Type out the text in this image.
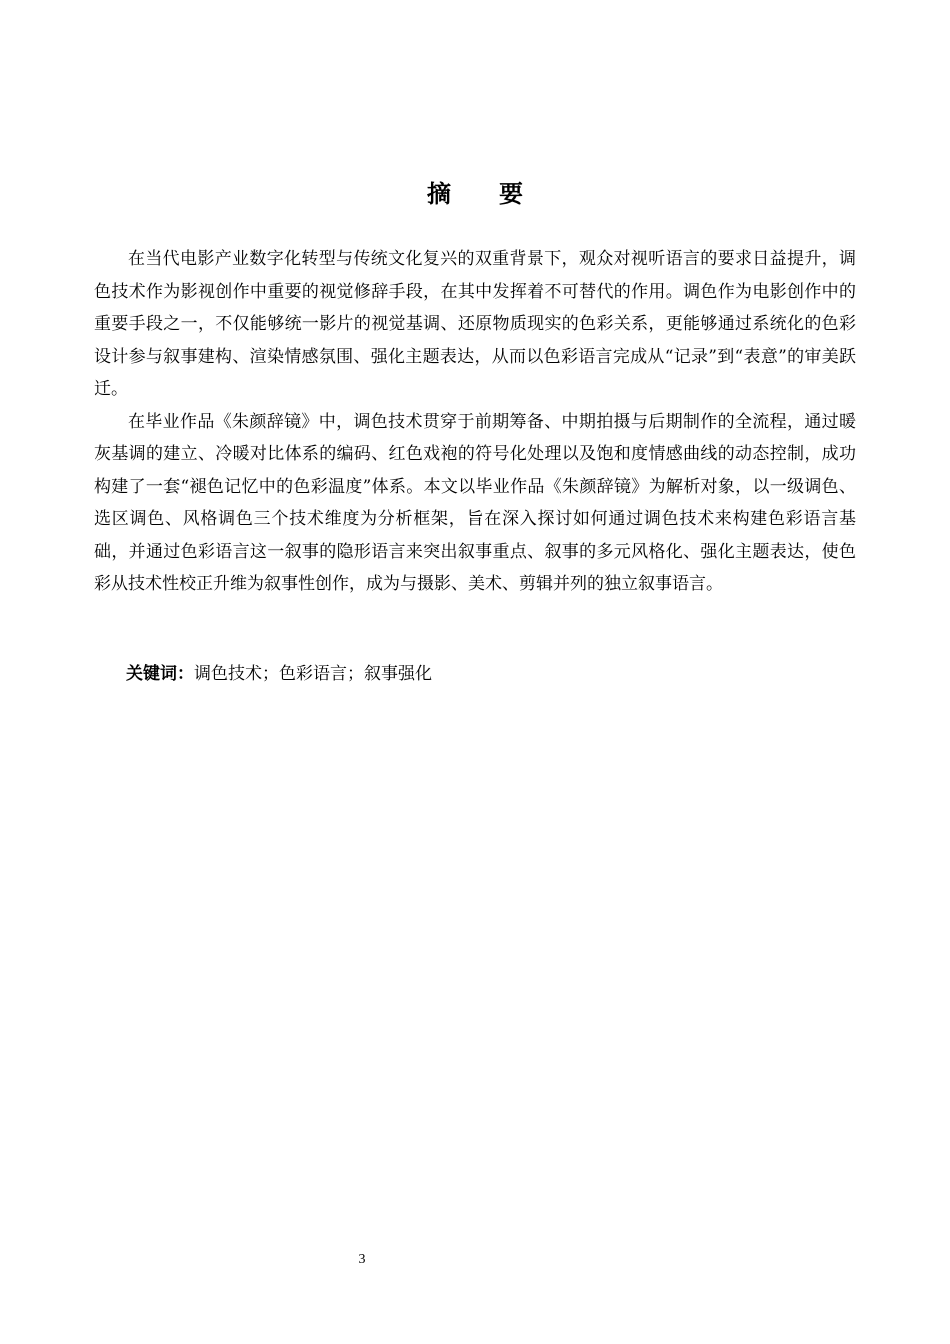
摘 要

在当代电影产业数字化转型与传统文化复兴的双重背景下，观众对视听语言的要求日益提升，调色技术作为影视创作中重要的视觉修辞手段，在其中发挥着不可替代的作用。调色作为电影创作中的重要手段之一，不仅能够统一影片的视觉基调、还原物质现实的色彩关系，更能够通过系统化的色彩设计参与叙事建构、渲染情感氛围、强化主题表达，从而以色彩语言完成从“记录”到“表意”的审美跃迁。

在毕业作品《朱颜辞镜》中，调色技术贯穿于前期筹备、中期拍摄与后期制作的全流程，通过暖灰基调的建立、冷暖对比体系的编码、红色戏袍的符号化处理以及饱和度情感曲线的动态控制，成功构建了一套“褪色记忆中的色彩温度”体系。本文以毕业作品《朱颜辞镜》为解析对象，以一级调色、选区调色、风格调色三个技术维度为分析框架，旨在深入探讨如何通过调色技术来构建色彩语言基础，并通过色彩语言这一叙事的隐形语言来突出叙事重点、叙事的多元风格化、强化主题表达，使色彩从技术性校正升维为叙事性创作，成为与摄影、美术、剪辑并列的独立叙事语言。

关键词：调色技术；色彩语言；叙事强化
3
